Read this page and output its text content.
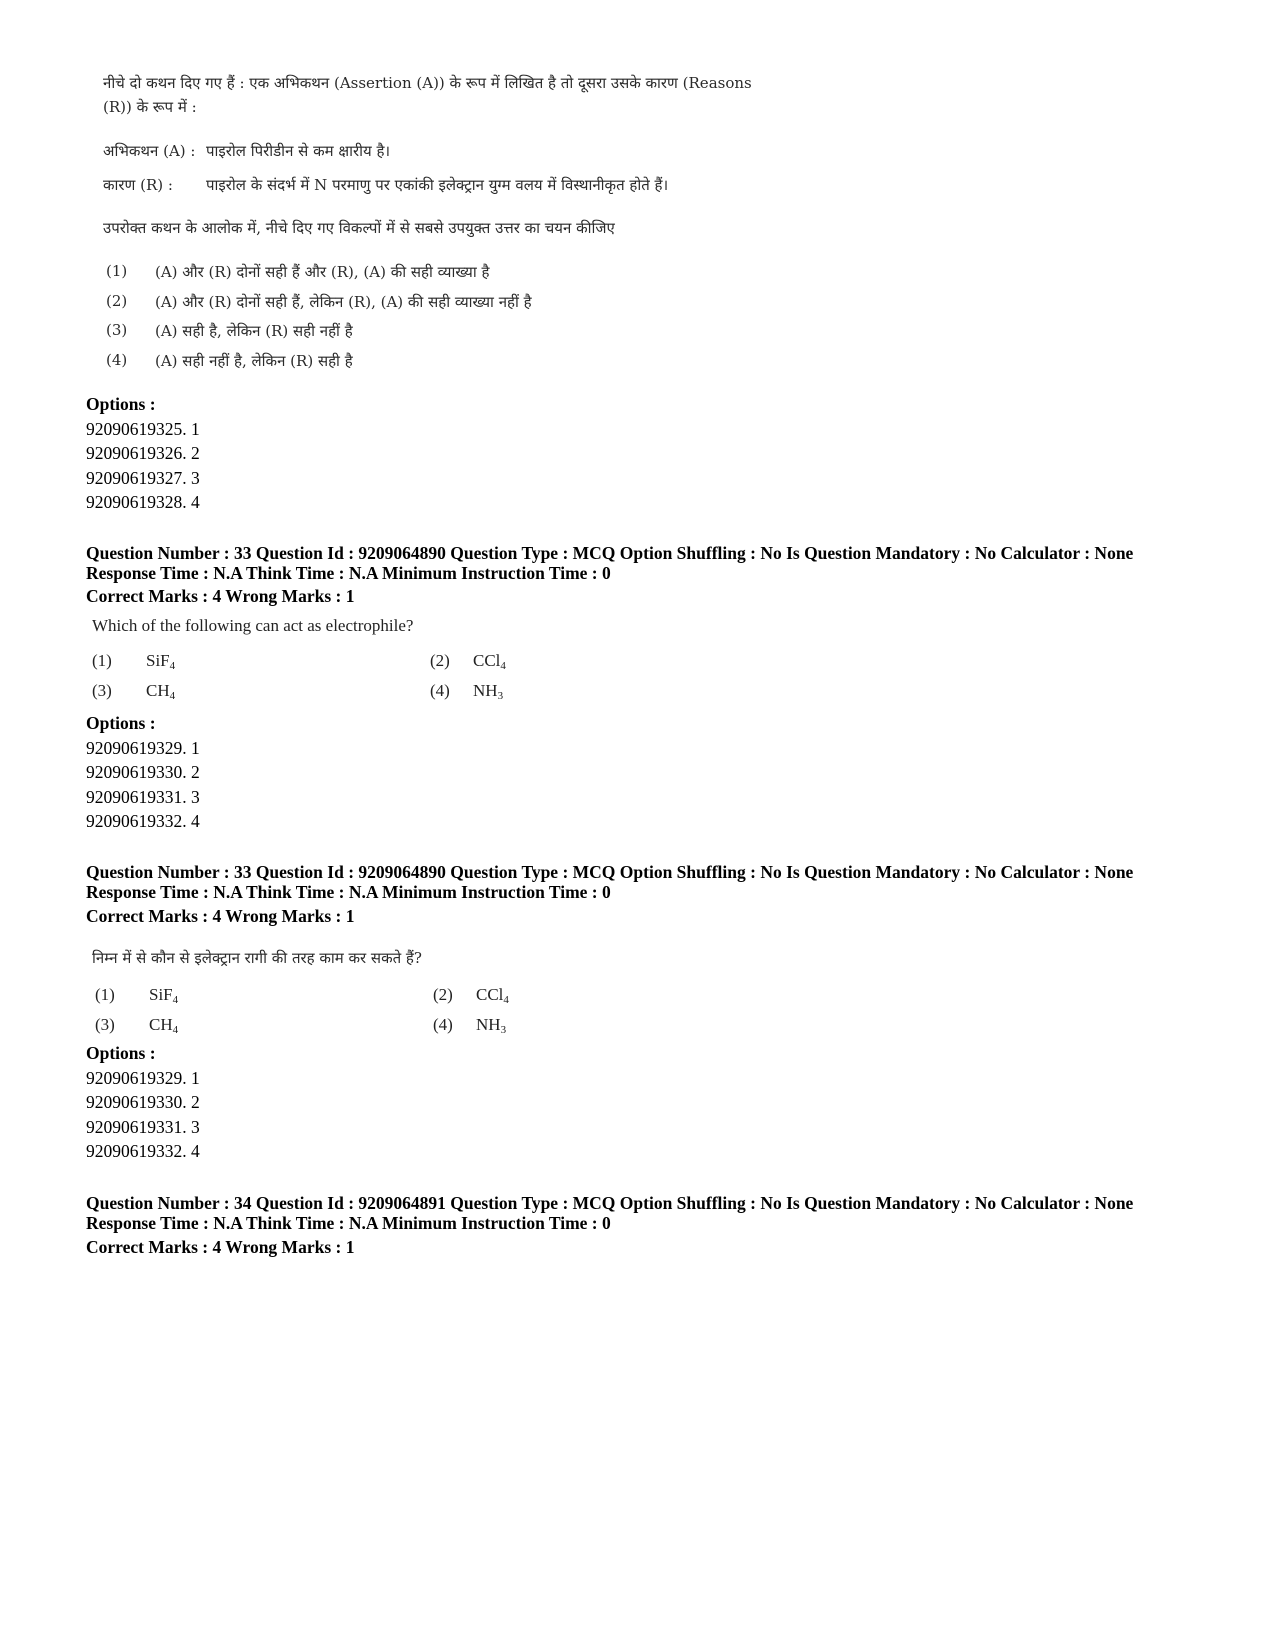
नीचे दो कथन दिए गए हैं : एक अभिकथन (Assertion (A)) के रूप में लिखित है तो दूसरा उसके कारण (Reasons
(R)) के रूप में :
अभिकथन (A) : पाइरोल पिरीडीन से कम क्षारीय है।
कारण (R) : पाइरोल के संदर्भ में N परमाणु पर एकांकी इलेक्ट्रान युग्म वलय में विस्थानीकृत होते हैं।
उपरोक्त कथन के आलोक में, नीचे दिए गए विकल्पों में से सबसे उपयुक्त उत्तर का चयन कीजिए
(1) (A) और (R) दोनों सही हैं और (R), (A) की सही व्याख्या है
(2) (A) और (R) दोनों सही हैं, लेकिन (R), (A) की सही व्याख्या नहीं है
(3) (A) सही है, लेकिन (R) सही नहीं है
(4) (A) सही नहीं है, लेकिन (R) सही है
Options :
92090619325. 1
92090619326. 2
92090619327. 3
92090619328. 4
Question Number : 33 Question Id : 9209064890 Question Type : MCQ Option Shuffling : No Is Question Mandatory : No Calculator : None
Response Time : N.A Think Time : N.A Minimum Instruction Time : 0
Correct Marks : 4 Wrong Marks : 1
Which of the following can act as electrophile?
(1) SiF$_4$	(2) CCl$_4$
(3) $CH_4$	(4) $NH_3$
Options :
92090619329. 1
92090619330. 2
92090619331. 3
92090619332. 4
Question Number : 33 Question Id : 9209064890 Question Type : MCQ Option Shuffling : No Is Question Mandatory : No Calculator : None
Response Time : N.A Think Time : N.A Minimum Instruction Time : 0
Correct Marks : 4 Wrong Marks : 1
निम्न में से कौन से इलेक्ट्रान रागी की तरह काम कर सकते हैं?
(1) SiF$_4$	(2) CCl$_4$
(3) $CH_4$	(4) $NH_3$
Options :
92090619329. 1
92090619330. 2
92090619331. 3
92090619332. 4
Question Number : 34 Question Id : 9209064891 Question Type : MCQ Option Shuffling : No Is Question Mandatory : No Calculator : None
Response Time : N.A Think Time : N.A Minimum Instruction Time : 0
Correct Marks : 4 Wrong Marks : 1
